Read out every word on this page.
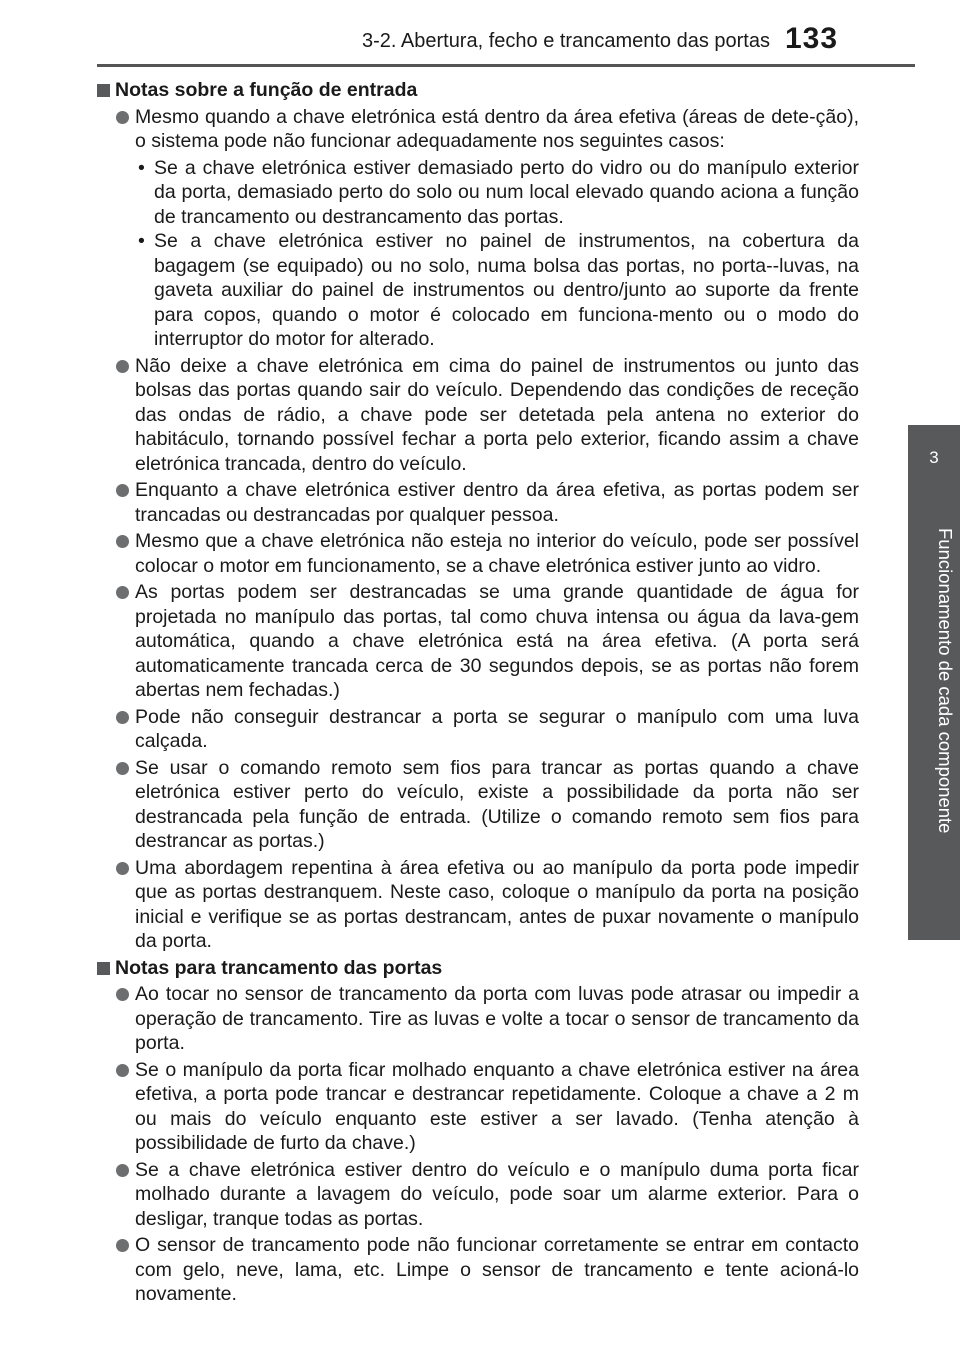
3-2. Abertura, fecho e trancamento das portas 133
3
Funcionamento de cada componente
Notas sobre a função de entrada
Mesmo quando a chave eletrónica está dentro da área efetiva (áreas de dete-ção), o sistema pode não funcionar adequadamente nos seguintes casos:
• Se a chave eletrónica estiver demasiado perto do vidro ou do manípulo exterior da porta, demasiado perto do solo ou num local elevado quando aciona a função de trancamento ou destrancamento das portas.
• Se a chave eletrónica estiver no painel de instrumentos, na cobertura da bagagem (se equipado) ou no solo, numa bolsa das portas, no porta--luvas, na gaveta auxiliar do painel de instrumentos ou dentro/junto ao suporte da frente para copos, quando o motor é colocado em funciona-mento ou o modo do interruptor do motor for alterado.
Não deixe a chave eletrónica em cima do painel de instrumentos ou junto das bolsas das portas quando sair do veículo. Dependendo das condições de receção das ondas de rádio, a chave pode ser detetada pela antena no exterior do habitáculo, tornando possível fechar a porta pelo exterior, ficando assim a chave eletrónica trancada, dentro do veículo.
Enquanto a chave eletrónica estiver dentro da área efetiva, as portas podem ser trancadas ou destrancadas por qualquer pessoa.
Mesmo que a chave eletrónica não esteja no interior do veículo, pode ser possível colocar o motor em funcionamento, se a chave eletrónica estiver junto ao vidro.
As portas podem ser destrancadas se uma grande quantidade de água for projetada no manípulo das portas, tal como chuva intensa ou água da lava-gem automática, quando a chave eletrónica está na área efetiva. (A porta será automaticamente trancada cerca de 30 segundos depois, se as portas não forem abertas nem fechadas.)
Pode não conseguir destrancar a porta se segurar o manípulo com uma luva calçada.
Se usar o comando remoto sem fios para trancar as portas quando a chave eletrónica estiver perto do veículo, existe a possibilidade da porta não ser destrancada pela função de entrada. (Utilize o comando remoto sem fios para destrancar as portas.)
Uma abordagem repentina à área efetiva ou ao manípulo da porta pode impedir que as portas destranquem. Neste caso, coloque o manípulo da porta na posição inicial e verifique se as portas destrancam, antes de puxar novamente o manípulo da porta.
Notas para trancamento das portas
Ao tocar no sensor de trancamento da porta com luvas pode atrasar ou impedir a operação de trancamento. Tire as luvas e volte a tocar o sensor de trancamento da porta.
Se o manípulo da porta ficar molhado enquanto a chave eletrónica estiver na área efetiva, a porta pode trancar e destrancar repetidamente. Coloque a chave a 2 m ou mais do veículo enquanto este estiver a ser lavado. (Tenha atenção à possibilidade de furto da chave.)
Se a chave eletrónica estiver dentro do veículo e o manípulo duma porta ficar molhado durante a lavagem do veículo, pode soar um alarme exterior. Para o desligar, tranque todas as portas.
O sensor de trancamento pode não funcionar corretamente se entrar em contacto com gelo, neve, lama, etc. Limpe o sensor de trancamento e tente acioná-lo novamente.
